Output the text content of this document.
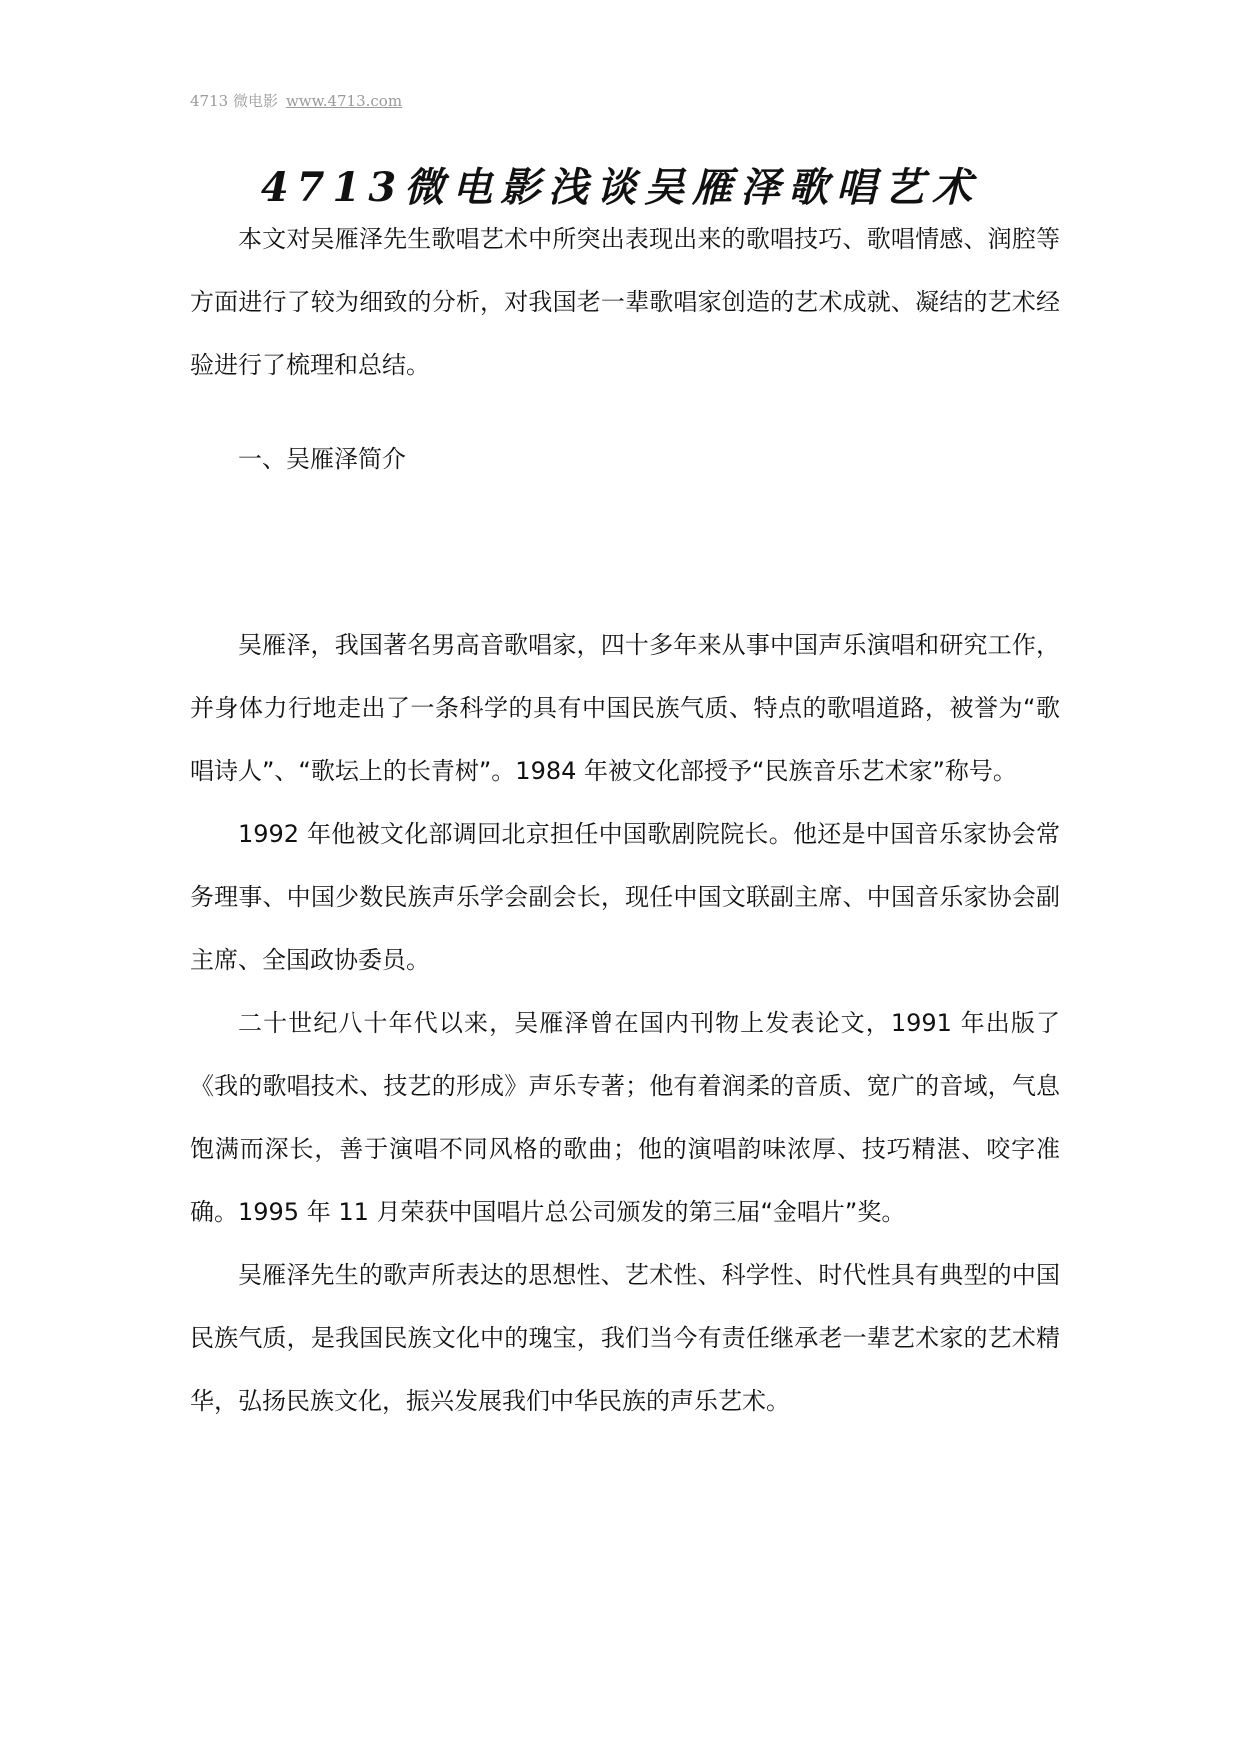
4713 微电影 www.4713.com
4713微电影浅谈吴雁泽歌唱艺术

本文对吴雁泽先生歌唱艺术中所突出表现出来的歌唱技巧、歌唱情感、润腔等方面进行了较为细致的分析，对我国老一辈歌唱家创造的艺术成就、凝结的艺术经验进行了梳理和总结。

一、吴雁泽简介

吴雁泽，我国著名男高音歌唱家，四十多年来从事中国声乐演唱和研究工作，并身体力行地走出了一条科学的具有中国民族气质、特点的歌唱道路，被誉为“歌唱诗人”、“歌坛上的长青树”。1984 年被文化部授予“民族音乐艺术家”称号。

1992 年他被文化部调回北京担任中国歌剧院院长。他还是中国音乐家协会常务理事、中国少数民族声乐学会副会长，现任中国文联副主席、中国音乐家协会副主席、全国政协委员。

二十世纪八十年代以来，吴雁泽曾在国内刊物上发表论文，1991 年出版了《我的歌唱技术、技艺的形成》声乐专著；他有着润柔的音质、宽广的音域，气息饱满而深长，善于演唱不同风格的歌曲；他的演唱韵味浓厚、技巧精湛、咬字准确。1995 年 11 月荣获中国唱片总公司颁发的第三届“金唱片”奖。

吴雁泽先生的歌声所表达的思想性、艺术性、科学性、时代性具有典型的中国民族气质，是我国民族文化中的瑰宝，我们当今有责任继承老一辈艺术家的艺术精华，弘扬民族文化，振兴发展我们中华民族的声乐艺术。
